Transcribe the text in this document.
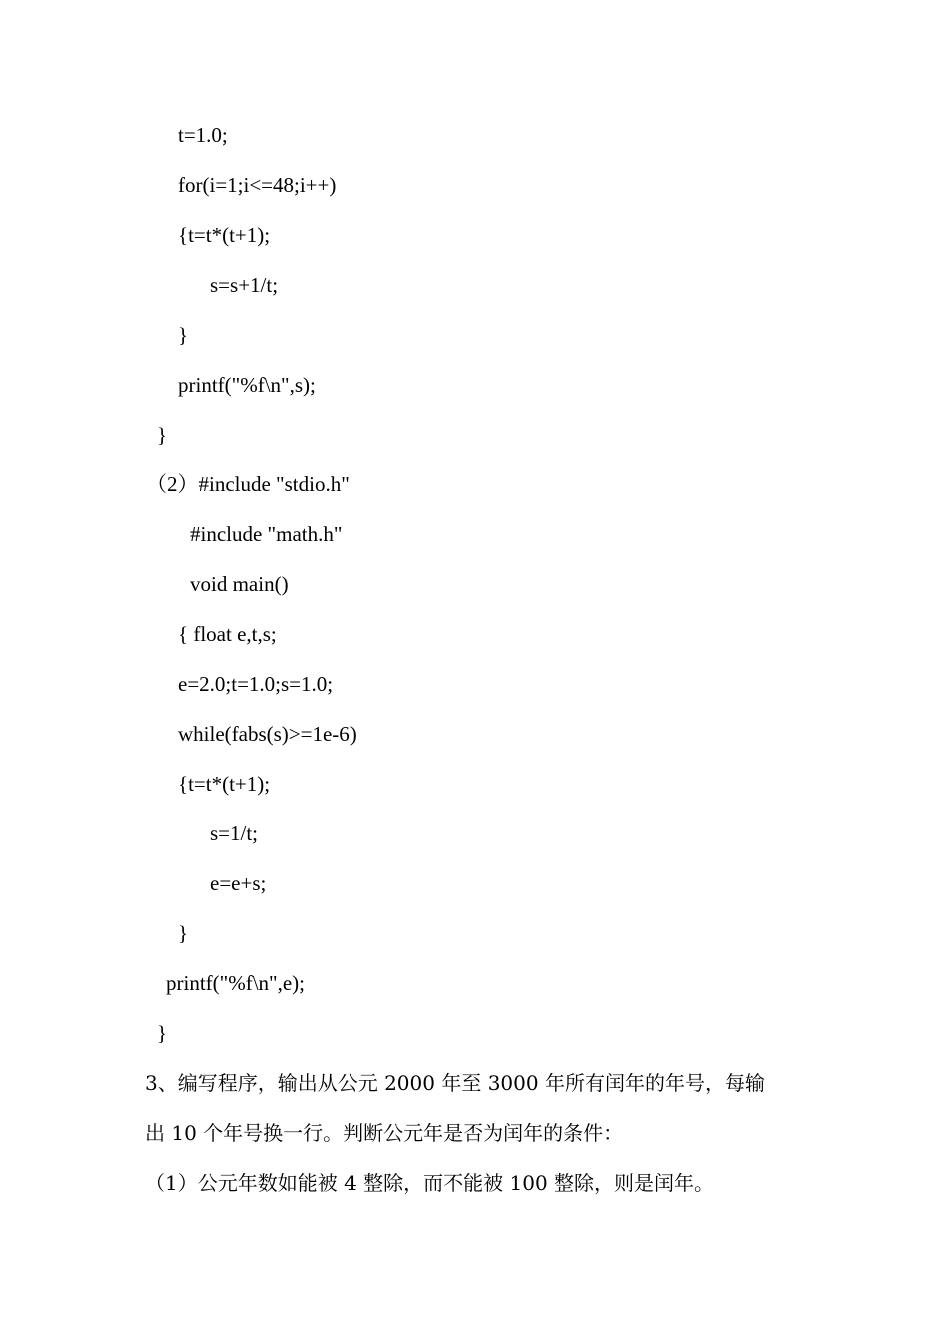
t=1.0;
for(i=1;i<=48;i++)
{t=t*(t+1);
s=s+1/t;
}
printf("%f\n",s);
}
（2）#include "stdio.h"
#include "math.h"
void main()
{ float e,t,s;
e=2.0;t=1.0;s=1.0;
while(fabs(s)>=1e-6)
{t=t*(t+1);
s=1/t;
e=e+s;
}
printf("%f\n",e);
}
3、编写程序，输出从公元 2000 年至 3000 年所有闰年的年号，每输
出 10 个年号换一行。判断公元年是否为闰年的条件：
（1）公元年数如能被 4 整除，而不能被 100 整除，则是闰年。
